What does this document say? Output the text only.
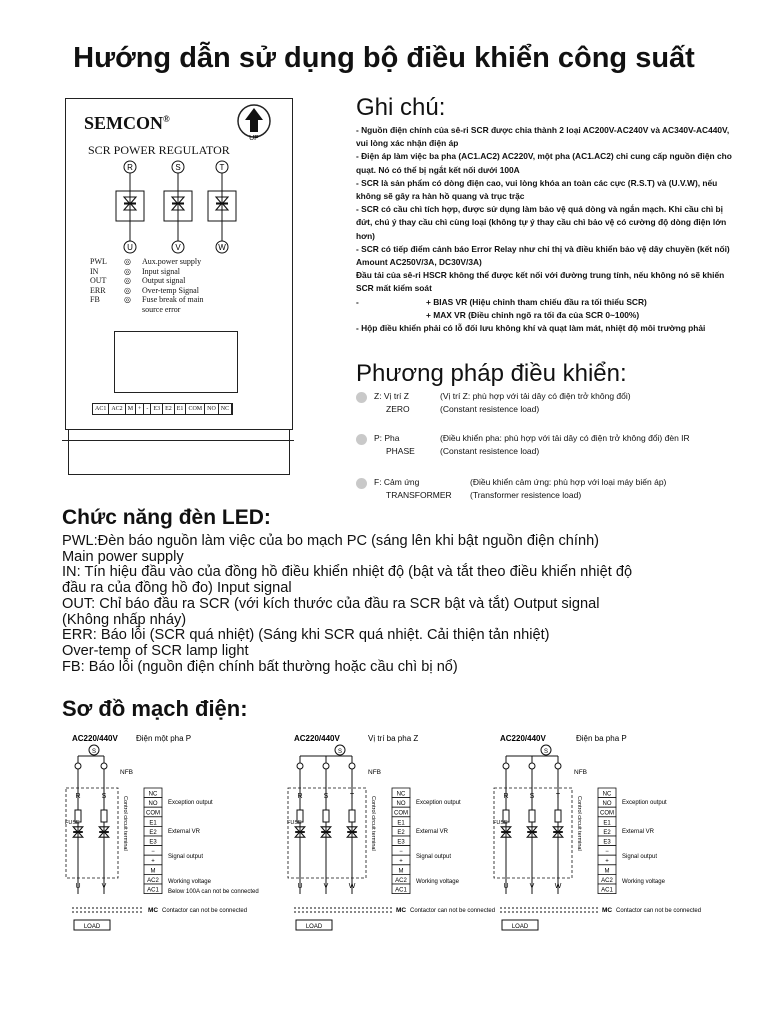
Hướng dẫn sử dụng bộ điều khiển công suất
SEMCON®
UP
SCR POWER REGULATOR
R
U
S
V
T
W
PWL	◎	Aux.power supply
IN	◎	Input signal
OUT	◎	Output signal
ERR	◎	Over-temp Signal
FB	◎	Fuse break of main source error
AC1 AC2 M + - E3 E2 E1 COM NO NC
Ghi chú:

- Nguồn điện chính của sê-ri SCR được chia thành 2 loại AC200V-AC240V và AC340V-AC440V, vui lòng xác nhận điện áp

- Điện áp làm việc ba pha (AC1.AC2) AC220V, một pha (AC1.AC2) chỉ cung cấp nguồn điện cho quạt. Nó có thể bị ngắt kết nối dưới 100A

- SCR là sản phẩm có dòng điện cao, vui lòng khóa an toàn các cực (R.S.T) và (U.V.W), nếu không sẽ gây ra hàn hồ quang và trục trặc

- SCR có cầu chì tích hợp, được sử dụng làm bảo vệ quá dòng và ngắn mạch. Khi cầu chì bị đứt, chú ý thay cầu chì cùng loại (không tự ý thay cầu chì bảo vệ có cường độ dòng điện lớn hơn)

- SCR có tiếp điểm cảnh báo Error Relay như chỉ thị và điều khiển bảo vệ dây chuyền (kết nối) Amount AC250V/3A, DC30V/3A)

Đầu tải của sê-ri HSCR không thể được kết nối với đường trung tính, nếu không nó sẽ khiến SCR mất kiểm soát

-	+ BIAS VR (Hiệu chỉnh tham chiếu đầu ra tối thiểu SCR)

+ MAX VR (Điều chỉnh ngõ ra tối đa của SCR 0~100%)

- Hộp điều khiển phải có lỗ đối lưu không khí và quạt làm mát, nhiệt độ môi trường phải

Phương pháp điều khiển:
Z: Vị trí Z	(Vị trí Z: phù hợp với tải dây có điện trở không đổi)
ZERO	(Constant resistence load)
P: Pha	(Điều khiển pha: phù hợp với tải dây có điện trở không đổi) đèn IR
PHASE	(Constant resistence load)
F: Cảm ứng	(Điều khiển cảm ứng: phù hợp với loại máy biến áp)
TRANSFORMER (Transformer resistence load)
Chức năng đèn LED:

PWL:Đèn báo nguồn làm việc của bo mạch PC (sáng lên khi bật nguồn điện chính)

Main power supply

IN: Tín hiệu đầu vào của đồng hồ điều khiển nhiệt độ (bật và tắt theo điều khiển nhiệt độ

đầu ra của đồng hồ đo) Input signal

OUT: Chỉ báo đầu ra SCR (với kích thước của đầu ra SCR bật và tắt) Output signal

(Không nhấp nháy)

ERR: Báo lỗi (SCR quá nhiệt) (Sáng khi SCR quá nhiệt. Cải thiện tản nhiệt)

Over-temp of SCR lamp light

FB: Báo lỗi (nguồn điện chính bất thường hoặc cầu chì bị nổ)

Sơ đồ mạch điện:
AC220/440V Điện một pha P
S
R
U
S
V
NFB
FUSE	Control circuit terminal
NC
NO
COM
E1
E2
E3
−
+
M
AC2
AC1
Exception output
External VR
Signal output
Working voltage
Below 100A can not be connected
MC Contactor can not be connected
LOAD
AC220/440V	Vị trí ba pha Z
S
R
U
S
V
T
W
NFB
FUSE	Control circuit terminal
NC
NO
COM
E1
E2
E3
−
+
M
AC2
AC1
Exception output
External VR
Signal output
Working voltage
MC Contactor can not be connected
LOAD
AC220/440V	Điện ba pha P
S
R
U
S
V
T
W
NFB
FUSE	Control circuit terminal
NC
NO
COM
E1
E2
E3
−
+
M
AC2
AC1
Exception output
External VR
Signal output
Working voltage
MC Contactor can not be connected
LOAD
